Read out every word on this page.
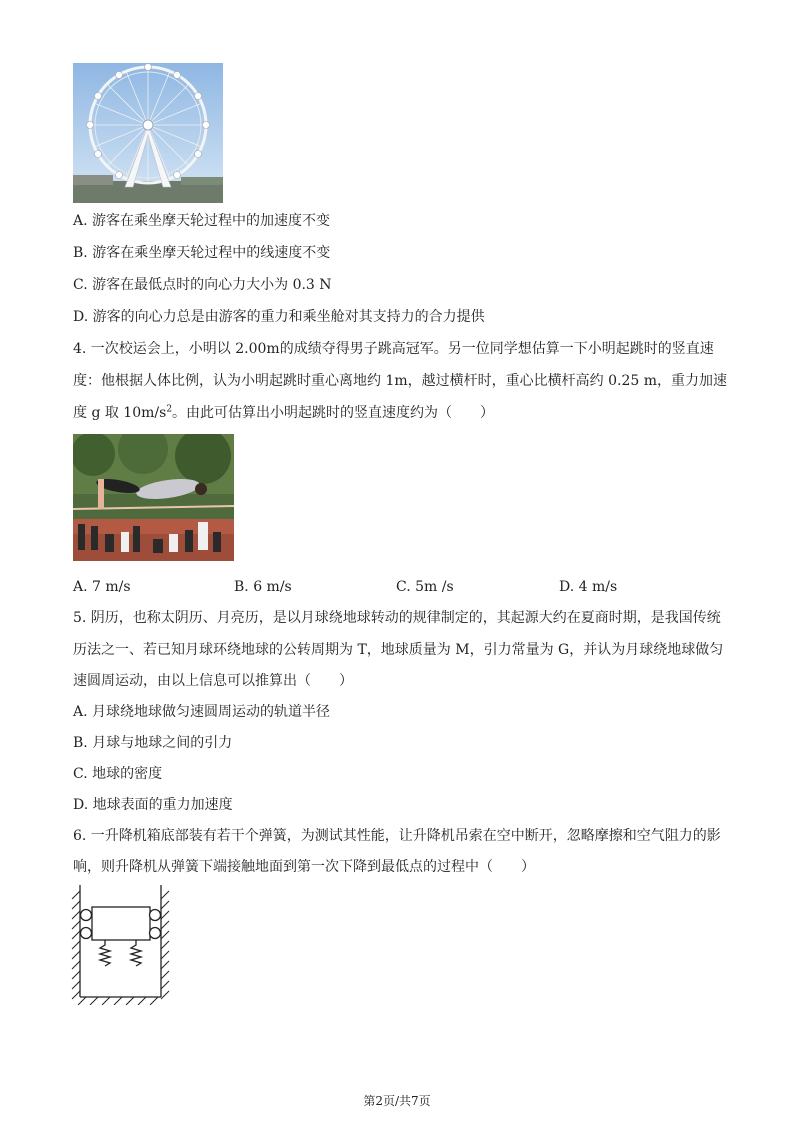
A. 游客在乘坐摩天轮过程中的加速度不变
B. 游客在乘坐摩天轮过程中的线速度不变
C. 游客在最低点时的向心力大小为 0.3 N
D. 游客的向心力总是由游客的重力和乘坐舱对其支持力的合力提供
4. 一次校运会上，小明以 2.00m的成绩夺得男子跳高冠军。另一位同学想估算一下小明起跳时的竖直速
度：他根据人体比例，认为小明起跳时重心离地约 1m，越过横杆时，重心比横杆高约 0.25 m，重力加速
度 g 取 $10m/s^2$。由此可估算出小明起跳时的竖直速度约为（　　）
A. 7 m/s	B. 6 m/s	C. 5m /s	D. 4 m/s
5. 阴历，也称太阴历、月亮历，是以月球绕地球转动的规律制定的，其起源大约在夏商时期，是我国传统
历法之一、若已知月球环绕地球的公转周期为 T，地球质量为 M，引力常量为 G，并认为月球绕地球做匀
速圆周运动，由以上信息可以推算出（　　）
A. 月球绕地球做匀速圆周运动的轨道半径
B. 月球与地球之间的引力
C. 地球的密度
D. 地球表面的重力加速度
6. 一升降机箱底部装有若干个弹簧，为测试其性能，让升降机吊索在空中断开，忽略摩擦和空气阻力的影
响，则升降机从弹簧下端接触地面到第一次下降到最低点的过程中（　　）
第2页/共7页
